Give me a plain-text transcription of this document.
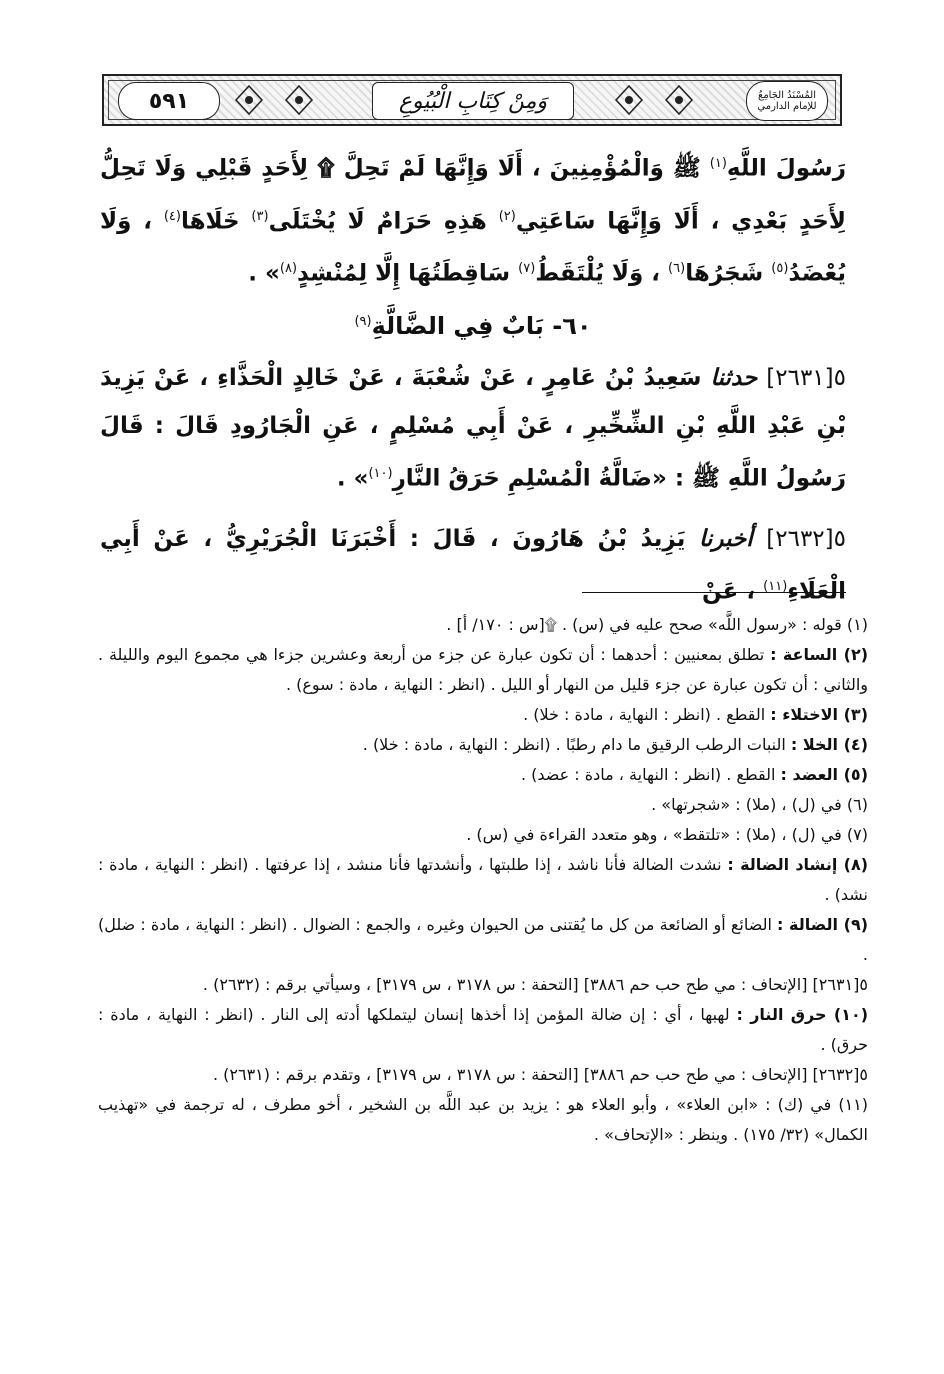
٥٩١	وَمِنْ كِتَابِ الْبُيُوعِ	المُسْنَدُ الجَامِعُ للإمام الدارمي

رَسُولَ اللَّهِ$^{(١)}$ ﷺ وَالْمُؤْمِنِينَ ، أَلَا وَإِنَّهَا لَمْ تَحِلَّ ۩ لِأَحَدٍ قَبْلِي وَلَا تَحِلُّ لِأَحَدٍ بَعْدِي ، أَلَا وَإِنَّهَا سَاعَتِي$^{(٢)}$ هَذِهِ حَرَامٌ لَا يُخْتَلَى$^{(٣)}$ خَلَاهَا$^{(٤)}$ ، وَلَا يُعْضَدُ$^{(٥)}$ شَجَرُهَا$^{(٦)}$ ، وَلَا يُلْتَقَطُ$^{(٧)}$ سَاقِطَتُهَا إِلَّا لِمُنْشِدٍ$^{(٨)}$» .

٦٠- بَابٌ فِي الضَّالَّةِ$^{(٩)}$

٥[٢٦٣١] حدثنا سَعِيدُ بْنُ عَامِرٍ ، عَنْ شُعْبَةَ ، عَنْ خَالِدٍ الْحَذَّاءِ ، عَنْ يَزِيدَ بْنِ عَبْدِ اللَّهِ بْنِ الشِّخِّيرِ ، عَنْ أَبِي مُسْلِمٍ ، عَنِ الْجَارُودِ قَالَ : قَالَ رَسُولُ اللَّهِ ﷺ : «ضَالَّةُ الْمُسْلِمِ حَرَقُ النَّارِ$^{(١٠)}$» .

٥[٢٦٣٢] أخبرنا يَزِيدُ بْنُ هَارُونَ ، قَالَ : أَخْبَرَنَا الْجُرَيْرِيُّ ، عَنْ أَبِي الْعَلَاءِ$^{(١١)}$ ، عَنْ

(١) قوله : «رسول اللَّه» صحح عليه في (س) . ۩[س : ١٧٠/ أ] .

(٢) الساعة : تطلق بمعنيين : أحدهما : أن تكون عبارة عن جزء من أربعة وعشرين جزءا هي مجموع اليوم والليلة . والثاني : أن تكون عبارة عن جزء قليل من النهار أو الليل . (انظر : النهاية ، مادة : سوع) .

(٣) الاختلاء : القطع . (انظر : النهاية ، مادة : خلا) .

(٤) الخلا : النبات الرطب الرقيق ما دام رطبًا . (انظر : النهاية ، مادة : خلا) .

(٥) العضد : القطع . (انظر : النهاية ، مادة : عضد) .

(٦) في (ل) ، (ملا) : «شجرتها» .

(٧) في (ل) ، (ملا) : «تلتقط» ، وهو متعدد القراءة في (س) .

(٨) إنشاد الضالة : نشدت الضالة فأنا ناشد ، إذا طلبتها ، وأنشدتها فأنا منشد ، إذا عرفتها . (انظر : النهاية ، مادة : نشد) .

(٩) الضالة : الضائع أو الضائعة من كل ما يُقتنى من الحيوان وغيره ، والجمع : الضوال . (انظر : النهاية ، مادة : ضلل) .

٥[٢٦٣١] [الإتحاف : مي طح حب حم ٣٨٨٦] [التحفة : س ٣١٧٨ ، س ٣١٧٩] ، وسيأتي برقم : (٢٦٣٢) .

(١٠) حرق النار : لهبها ، أي : إن ضالة المؤمن إذا أخذها إنسان ليتملكها أدته إلى النار . (انظر : النهاية ، مادة : حرق) .

٥[٢٦٣٢] [الإتحاف : مي طح حب حم ٣٨٨٦] [التحفة : س ٣١٧٨ ، س ٣١٧٩] ، وتقدم برقم : (٢٦٣١) .

(١١) في (ك) : «ابن العلاء» ، وأبو العلاء هو : يزيد بن عبد اللَّه بن الشخير ، أخو مطرف ، له ترجمة في «تهذيب الكمال» (٣٢/ ١٧٥) . وينظر : «الإتحاف» .
